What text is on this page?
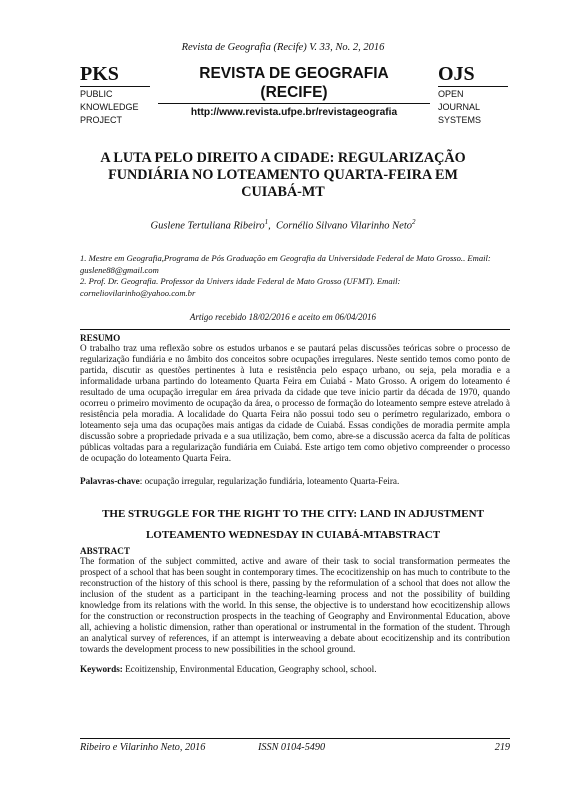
Revista de Geografia (Recife) V. 33, No. 2, 2016
PKS
PUBLIC
KNOWLEDGE
PROJECT
REVISTA DE GEOGRAFIA
(RECIFE)
http://www.revista.ufpe.br/revistageografia
OJS
OPEN
JOURNAL
SYSTEMS
A LUTA PELO DIREITO A CIDADE: REGULARIZAÇÃO
FUNDIÁRIA NO LOTEAMENTO QUARTA-FEIRA EM
CUIABÁ-MT
Guslene Tertuliana Ribeiro$^1$,  Cornélio Silvano Vilarinho Neto$^2$
1. Mestre em Geografia,Programa de Pós Graduação em Geografia da Universidade Federal de Mato Grosso.. Email: guslene88@gmail.com
2. Prof. Dr. Geografia. Professor da Univers idade Federal de Mato Grosso (UFMT). Email: corneliovilarinho@yahoo.com.br
Artigo recebido 18/02/2016 e aceito em 06/04/2016
RESUMO
O trabalho traz uma reflexão sobre os estudos urbanos e se pautará pelas discussões teóricas sobre o processo de regularização fundiária e no âmbito dos conceitos sobre ocupações irregulares. Neste sentido temos como ponto de partida, discutir as questões pertinentes à luta e resistência pelo espaço urbano, ou seja, pela moradia e a informalidade urbana partindo do loteamento Quarta Feira em Cuiabá - Mato Grosso. A origem do loteamento é resultado de uma ocupação irregular em área privada da cidade que teve inicio partir da década de 1970, quando ocorreu o primeiro movimento de ocupação da área, o processo de formação do loteamento sempre esteve atrelado à resistência pela moradia. A localidade do Quarta Feira não possui todo seu o perímetro regularizado, embora o loteamento seja uma das ocupações mais antigas da cidade de Cuiabá. Essas condições de moradia permite ampla discussão sobre a propriedade privada e a sua utilização, bem como, abre-se a discussão acerca da falta de políticas públicas voltadas para a regularização fundiária em Cuiabá. Este artigo tem como objetivo compreender o processo de ocupação do loteamento Quarta Feira.
Palavras-chave: ocupação irregular, regularização fundiária, loteamento Quarta-Feira.
THE STRUGGLE FOR THE RIGHT TO THE CITY: LAND IN ADJUSTMENT
LOTEAMENTO WEDNESDAY IN CUIABÁ-MTABSTRACT
ABSTRACT
The formation of the subject committed, active and aware of their task to social transformation permeates the prospect of a school that has been sought in contemporary times. The ecocitizenship on has much to contribute to the reconstruction of the history of this school is there, passing by the reformulation of a school that does not allow the inclusion of the student as a participant in the teaching-learning process and not the possibility of building knowledge from its relations with the world. In this sense, the objective is to understand how ecocitizenship allows for the construction or reconstruction prospects in the teaching of Geography and Environmental Education, above all, achieving a holistic dimension, rather than operational or instrumental in the formation of the student. Through an analytical survey of references, if an attempt is interweaving a debate about ecocitizenship and its contribution towards the development process to new possibilities in the school ground.
Keywords: Ecoitizenship, Environmental Education, Geography school, school.
Ribeiro e Vilarinho Neto, 2016	ISSN 0104-5490	219
